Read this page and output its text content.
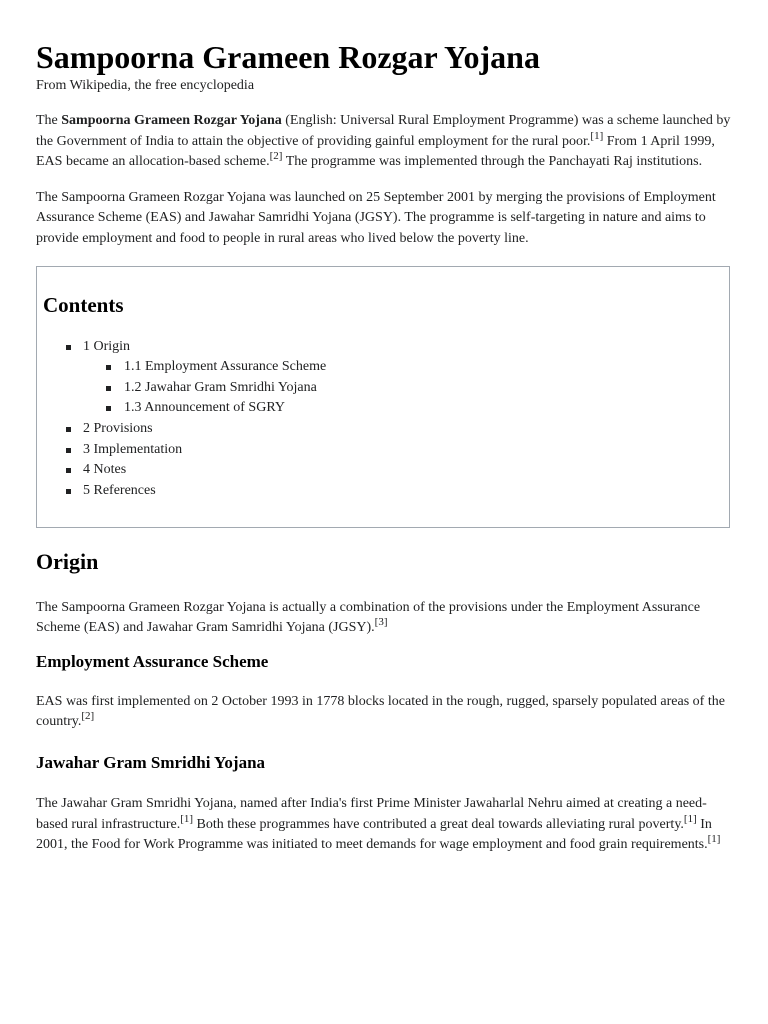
Sampoorna Grameen Rozgar Yojana
From Wikipedia, the free encyclopedia

The Sampoorna Grameen Rozgar Yojana (English: Universal Rural Employment Programme) was a scheme launched by the Government of India to attain the objective of providing gainful employment for the rural poor.[1] From 1 April 1999, EAS became an allocation-based scheme.[2] The programme was implemented through the Panchayati Raj institutions.

The Sampoorna Grameen Rozgar Yojana was launched on 25 September 2001 by merging the provisions of Employment Assurance Scheme (EAS) and Jawahar Samridhi Yojana (JGSY). The programme is self-targeting in nature and aims to provide employment and food to people in rural areas who lived below the poverty line.

Contents
1 Origin
1.1 Employment Assurance Scheme
1.2 Jawahar Gram Smridhi Yojana
1.3 Announcement of SGRY
2 Provisions
3 Implementation
4 Notes
5 References
Origin

The Sampoorna Grameen Rozgar Yojana is actually a combination of the provisions under the Employment Assurance Scheme (EAS) and Jawahar Gram Samridhi Yojana (JGSY).[3]

Employment Assurance Scheme

EAS was first implemented on 2 October 1993 in 1778 blocks located in the rough, rugged, sparsely populated areas of the country.[2]

Jawahar Gram Smridhi Yojana

The Jawahar Gram Smridhi Yojana, named after India's first Prime Minister Jawaharlal Nehru aimed at creating a need-based rural infrastructure.[1] Both these programmes have contributed a great deal towards alleviating rural poverty.[1] In 2001, the Food for Work Programme was initiated to meet demands for wage employment and food grain requirements.[1]
